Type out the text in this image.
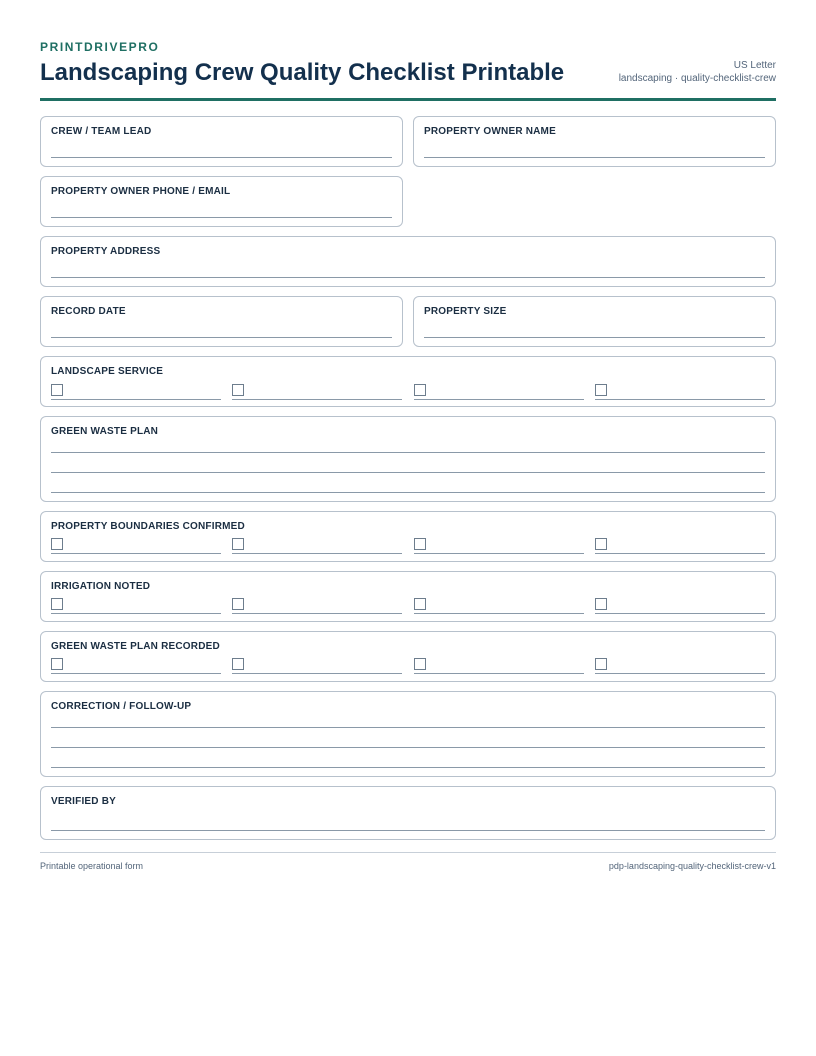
PRINTDRIVEPRO
Landscaping Crew Quality Checklist Printable	US Letter
landscaping · quality-checklist-crew
CREW / TEAM LEAD	PROPERTY OWNER NAME
PROPERTY OWNER PHONE / EMAIL
PROPERTY ADDRESS
RECORD DATE	PROPERTY SIZE
LANDSCAPE SERVICE
GREEN WASTE PLAN
PROPERTY BOUNDARIES CONFIRMED
IRRIGATION NOTED
GREEN WASTE PLAN RECORDED
CORRECTION / FOLLOW-UP
VERIFIED BY
Printable operational form	pdp-landscaping-quality-checklist-crew-v1
